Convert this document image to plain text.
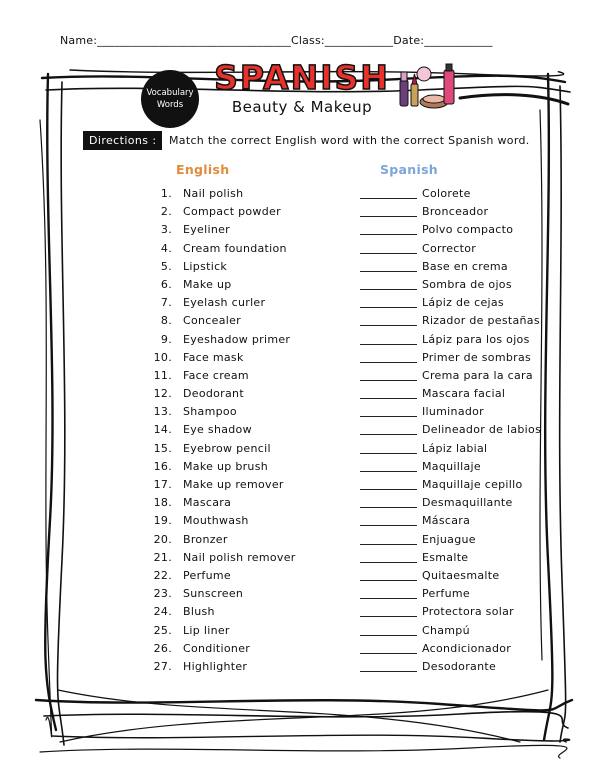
Name:__________________________________Class:____________Date:____________
Vocabulary
Words
SPANISH
Beauty & Makeup
Directions :	Match the correct English word with the correct Spanish word.
English	Spanish
1. Nail polish	Colorete
2. Compact powder	Bronceador
3. Eyeliner	Polvo compacto
4. Cream foundation	Corrector
5. Lipstick	Base en crema
6. Make up	Sombra de ojos
7. Eyelash curler	Lápiz de cejas
8. Concealer	Rizador de pestañas
9. Eyeshadow primer	Lápiz para los ojos
10. Face mask	Primer de sombras
11. Face cream	Crema para la cara
12. Deodorant	Mascara facial
13. Shampoo	Iluminador
14. Eye shadow	Delineador de labios
15. Eyebrow pencil	Lápiz labial
16. Make up brush	Maquillaje
17. Make up remover	Maquillaje cepillo
18. Mascara	Desmaquillante
19. Mouthwash	Máscara
20. Bronzer	Enjuague
21. Nail polish remover	Esmalte
22. Perfume	Quitaesmalte
23. Sunscreen	Perfume
24. Blush	Protectora solar
25. Lip liner	Champú
26. Conditioner	Acondicionador
27. Highlighter	Desodorante
